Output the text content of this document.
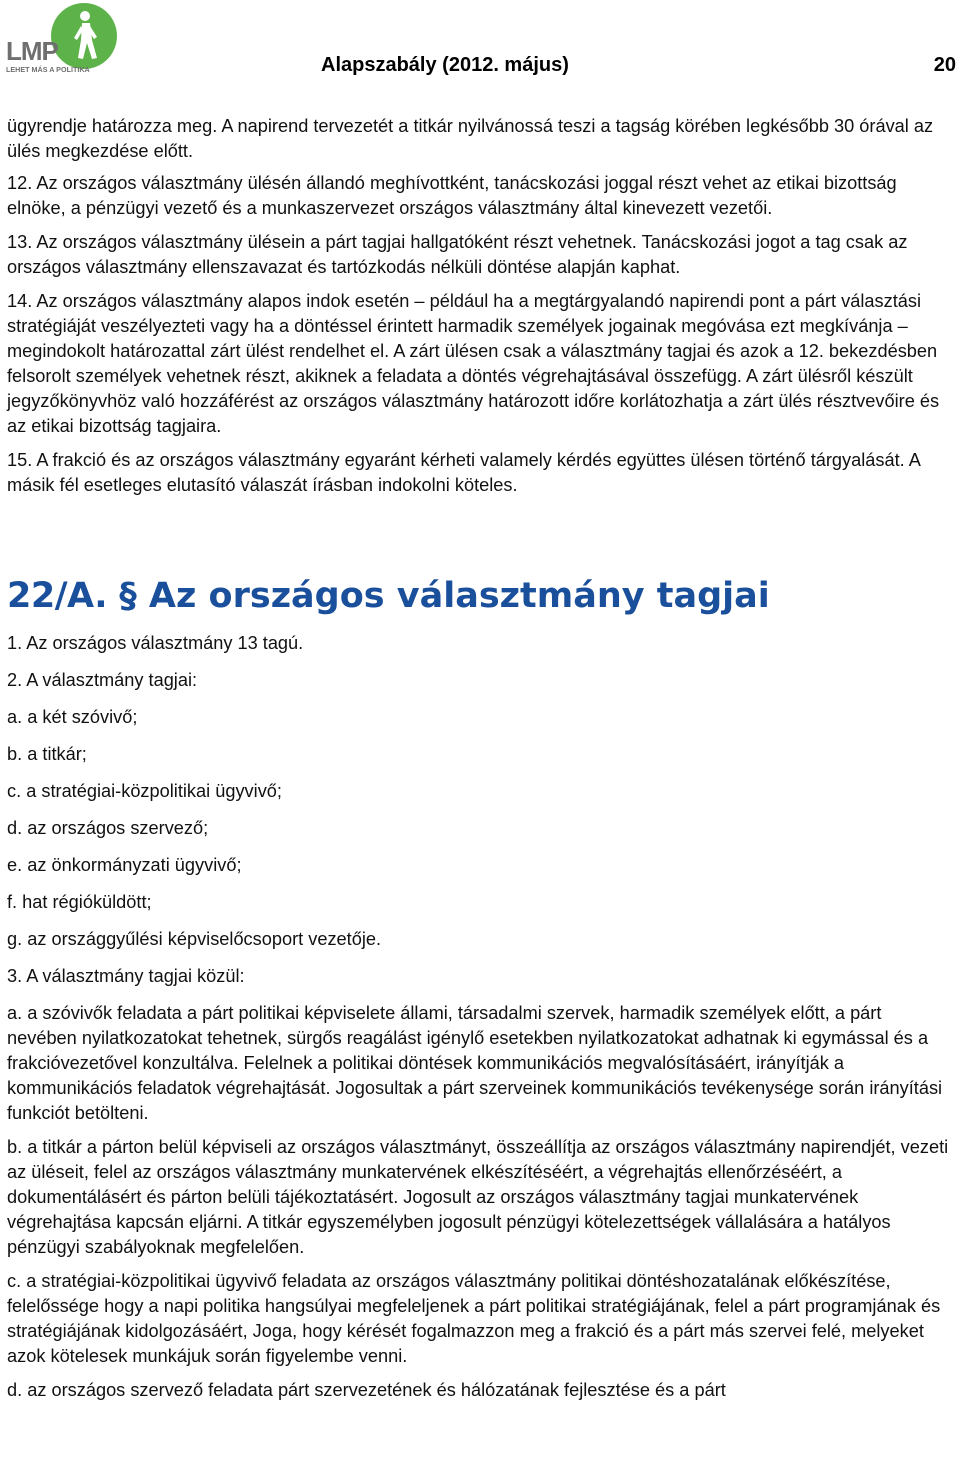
LMP
LEHET MÁS A POLITIKA	Alapszabály (2012. május)	20

ügyrendje határozza meg. A napirend tervezetét a titkár nyilvánossá teszi a tagság körében legkésőbb 30 órával az ülés megkezdése előtt.

12. Az országos választmány ülésén állandó meghívottként, tanácskozási joggal részt vehet az etikai bizottság elnöke, a pénzügyi vezető és a munkaszervezet országos választmány által kinevezett vezetői.

13. Az országos választmány ülésein a párt tagjai hallgatóként részt vehetnek. Tanácskozási jogot a tag csak az országos választmány ellenszavazat és tartózkodás nélküli döntése alapján kaphat.

14. Az országos választmány alapos indok esetén – például ha a megtárgyalandó napirendi pont a párt választási stratégiáját veszélyezteti vagy ha a döntéssel érintett harmadik személyek jogainak megóvása ezt megkívánja – megindokolt határozattal zárt ülést rendelhet el. A zárt ülésen csak a választmány tagjai és azok a 12. bekezdésben felsorolt személyek vehetnek részt, akiknek a feladata a döntés végrehajtásával összefügg. A zárt ülésről készült jegyzőkönyvhöz való hozzáférést az országos választmány határozott időre korlátozhatja a zárt ülés résztvevőire és az etikai bizottság tagjaira.

15. A frakció és az országos választmány egyaránt kérheti valamely kérdés együttes ülésen történő tárgyalását. A másik fél esetleges elutasító válaszát írásban indokolni köteles.

22/A. § Az országos választmány tagjai
1. Az országos választmány 13 tagú.
2. A választmány tagjai:
a. a két szóvivő;
b. a titkár;
c. a stratégiai-közpolitikai ügyvivő;
d. az országos szervező;
e. az önkormányzati ügyvivő;
f. hat régióküldött;
g. az országgyűlési képviselőcsoport vezetője.
3. A választmány tagjai közül:

a. a szóvivők feladata a párt politikai képviselete állami, társadalmi szervek, harmadik személyek előtt, a párt nevében nyilatkozatokat tehetnek, sürgős reagálást igénylő esetekben nyilatkozatokat adhatnak ki egymással és a frakcióvezetővel konzultálva. Felelnek a politikai döntések kommunikációs megvalósításáért, irányítják a kommunikációs feladatok végrehajtását. Jogosultak a párt szerveinek kommunikációs tevékenysége során irányítási funkciót betölteni.

b. a titkár a párton belül képviseli az országos választmányt, összeállítja az országos választmány napirendjét, vezeti az üléseit, felel az országos választmány munkatervének elkészítéséért, a végrehajtás ellenőrzéséért, a dokumentálásért és párton belüli tájékoztatásért. Jogosult az országos választmány tagjai munkatervének végrehajtása kapcsán eljárni. A titkár egyszemélyben jogosult pénzügyi kötelezettségek vállalására a hatályos pénzügyi szabályoknak megfelelően.

c. a stratégiai-közpolitikai ügyvivő feladata az országos választmány politikai döntéshozatalának előkészítése, felelőssége hogy a napi politika hangsúlyai megfeleljenek a párt politikai stratégiájának, felel a párt programjának és stratégiájának kidolgozásáért, Joga, hogy kérését fogalmazzon meg a frakció és a párt más szervei felé, melyeket azok kötelesek munkájuk során figyelembe venni.

d. az országos szervező feladata párt szervezetének és hálózatának fejlesztése és a párt
